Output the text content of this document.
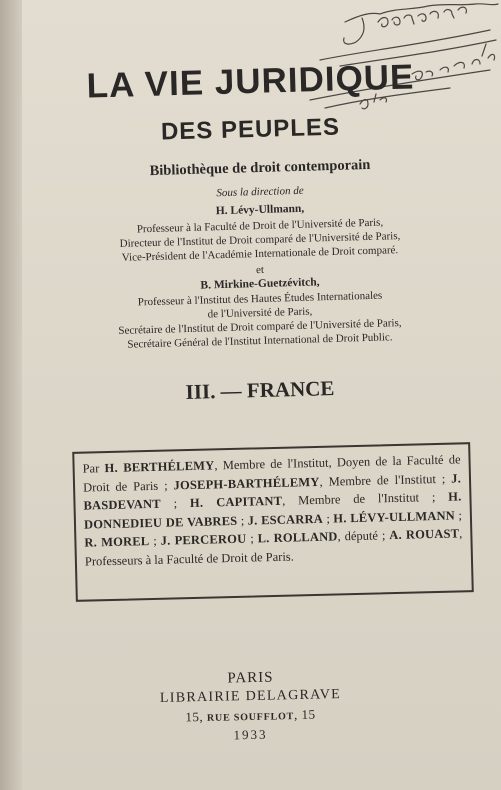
LA VIE JURIDIQUE
DES PEUPLES
Bibliothèque de droit contemporain
Sous la direction de
H. Lévy-Ullmann,
Professeur à la Faculté de Droit de l'Université de Paris,
Directeur de l'Institut de Droit comparé de l'Université de Paris,
Vice-Président de l'Académie Internationale de Droit comparé.
et
B. Mirkine-Guetzévitch,
Professeur à l'Institut des Hautes Études Internationales
de l'Université de Paris,
Secrétaire de l'Institut de Droit comparé de l'Université de Paris,
Secrétaire Général de l'Institut International de Droit Public.
III. — FRANCE
Par H. BERTHÉLEMY, Membre de l'Institut, Doyen de la Faculté de Droit de Paris ; JOSEPH-BARTHÉLEMY, Membre de l'Institut ; J. BASDEVANT ; H. CAPITANT, Membre de l'Institut ; H. DONNEDIEU DE VABRES ; J. ESCARRA ; H. LÉVY-ULLMANN ; R. MOREL ; J. PERCEROU ; L. ROLLAND, député ; A. ROUAST, Professeurs à la Faculté de Droit de Paris.
PARIS
LIBRAIRIE DELAGRAVE
15, RUE SOUFFLOT, 15
1933
